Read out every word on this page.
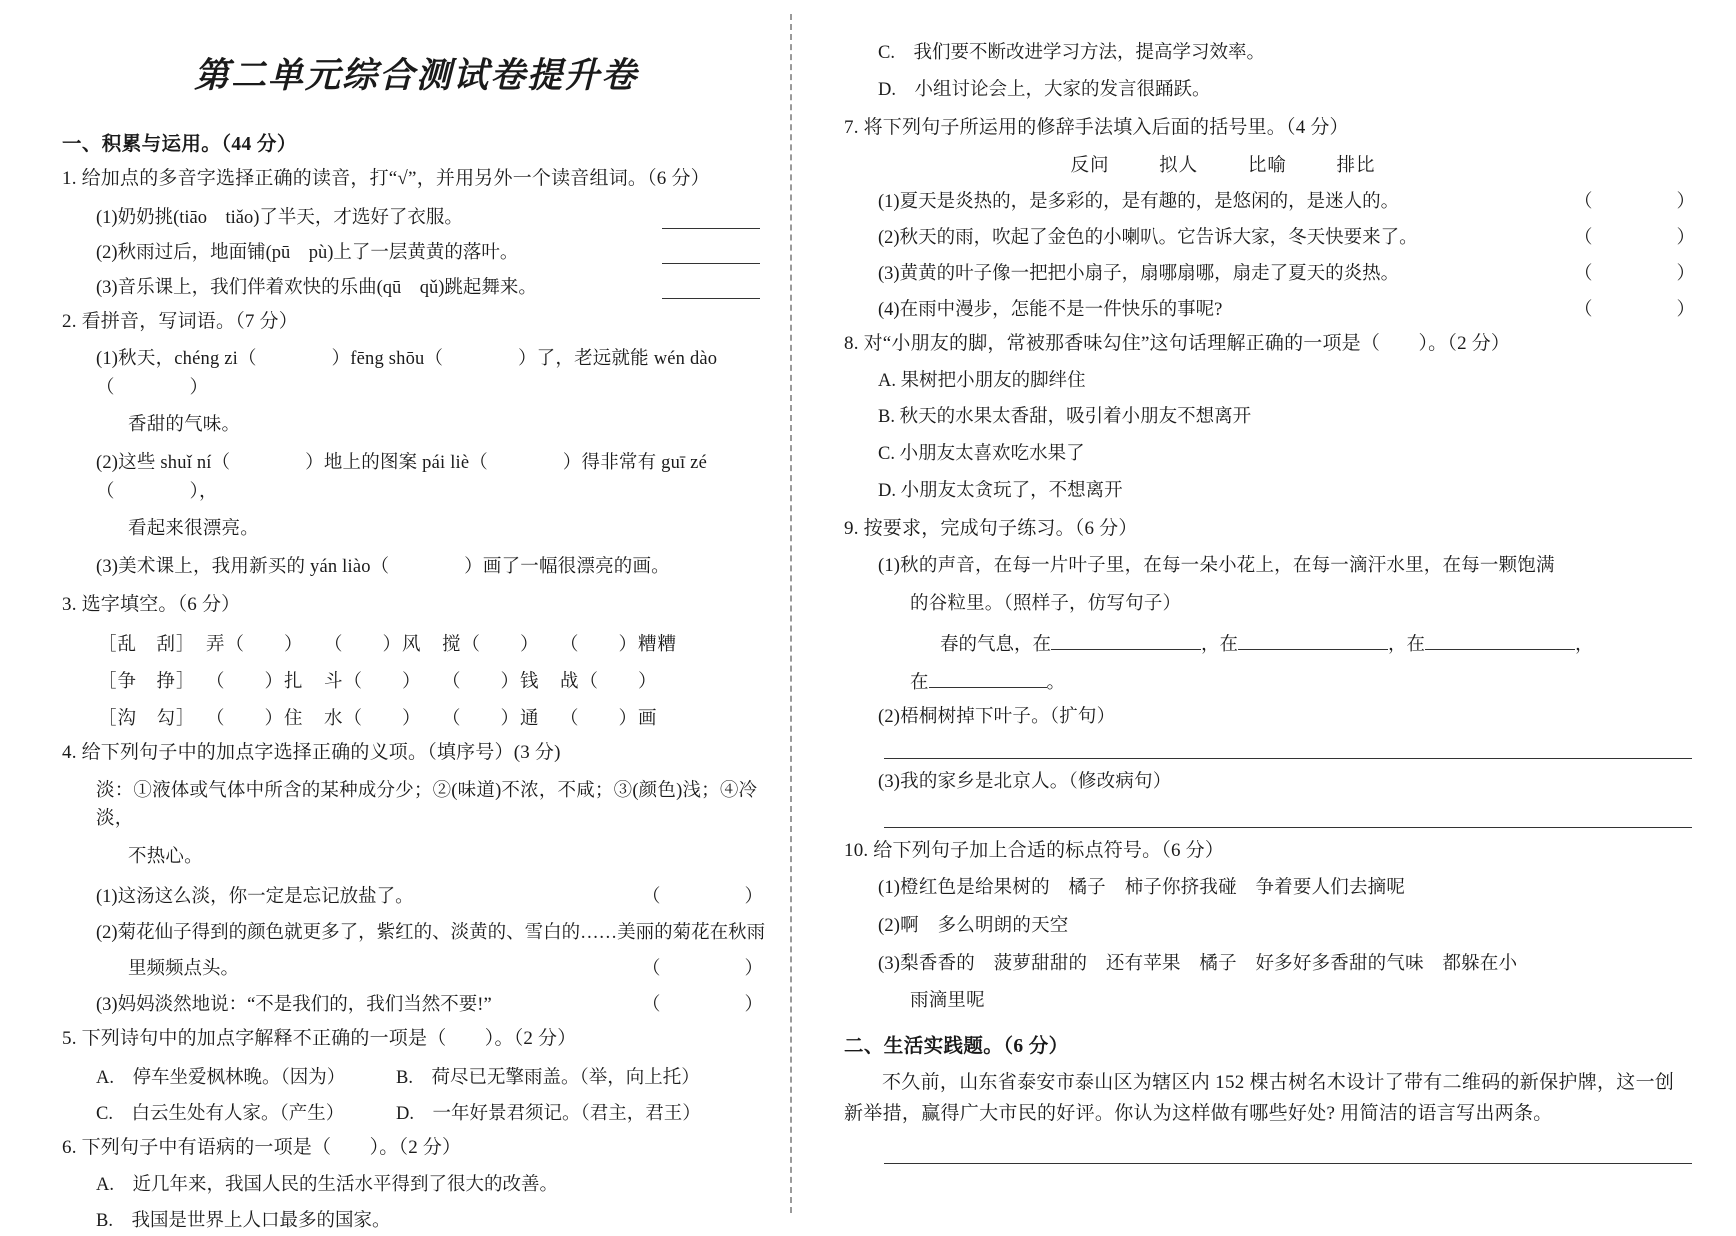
第二单元综合测试卷提升卷
一、积累与运用。（44 分）
1. 给加点的多音字选择正确的读音，打“√”，并用另外一个读音组词。（6 分）
(1)奶奶挑(tiāo　tiǎo)了半天，才选好了衣服。
(2)秋雨过后，地面铺(pū　pù)上了一层黄黄的落叶。
(3)音乐课上，我们伴着欢快的乐曲(qū　qǔ)跳起舞来。
2. 看拼音，写词语。（7 分）
(1)秋天，chéng zi（　　　　）fēng shōu（　　　　）了，老远就能 wén dào（　　　　）
香甜的气味。
(2)这些 shuǐ ní（　　　　）地上的图案 pái liè（　　　　）得非常有 guī zé（　　　　），
看起来很漂亮。
(3)美术课上，我用新买的 yán liào（　　　　）画了一幅很漂亮的画。
3. 选字填空。（6 分）
［乱　刮］ 弄（　　）	（　　）风	搅（　　）	（　　）糟糟
［争　挣］ （　　）扎	斗（　　）	（　　）钱	战（　　）
［沟　勾］ （　　）住	水（　　）	（　　）通	（　　）画
4. 给下列句子中的加点字选择正确的义项。（填序号）(3 分)
淡：①液体或气体中所含的某种成分少；②(味道)不浓，不咸；③(颜色)浅；④冷淡，
不热心。
(1)这汤这么淡，你一定是忘记放盐了。	（　　　　）
(2)菊花仙子得到的颜色就更多了，紫红的、淡黄的、雪白的……美丽的菊花在秋雨
里频频点头。	（　　　　）
(3)妈妈淡然地说：“不是我们的，我们当然不要!”	（　　　　）
5. 下列诗句中的加点字解释不正确的一项是（　　）。（2 分）
A.　停车坐爱枫林晚。（因为）	B.　荷尽已无擎雨盖。（举，向上托）
C.　白云生处有人家。（产生）	D.　一年好景君须记。（君主，君王）
6. 下列句子中有语病的一项是（　　）。（2 分）
A.　近几年来，我国人民的生活水平得到了很大的改善。
B.　我国是世界上人口最多的国家。
C.　我们要不断改进学习方法，提高学习效率。
D.　小组讨论会上，大家的发言很踊跃。
7. 将下列句子所运用的修辞手法填入后面的括号里。（4 分）
反问	拟人	比喻	排比
(1)夏天是炎热的，是多彩的，是有趣的，是悠闲的，是迷人的。	（　　　　）
(2)秋天的雨，吹起了金色的小喇叭。它告诉大家，冬天快要来了。	（　　　　）
(3)黄黄的叶子像一把把小扇子，扇哪扇哪，扇走了夏天的炎热。	（　　　　）
(4)在雨中漫步，怎能不是一件快乐的事呢?	（　　　　）
8. 对“小朋友的脚，常被那香味勾住”这句话理解正确的一项是（　　）。（2 分）
A. 果树把小朋友的脚绊住
B. 秋天的水果太香甜，吸引着小朋友不想离开
C. 小朋友太喜欢吃水果了
D. 小朋友太贪玩了，不想离开
9. 按要求，完成句子练习。（6 分）
(1)秋的声音，在每一片叶子里，在每一朵小花上，在每一滴汗水里，在每一颗饱满
的谷粒里。（照样子，仿写句子）
春的气息，在	，在	，在	，
在	。
(2)梧桐树掉下叶子。（扩句）
(3)我的家乡是北京人。（修改病句）
10. 给下列句子加上合适的标点符号。（6 分）
(1)橙红色是给果树的　橘子　柿子你挤我碰　争着要人们去摘呢
(2)啊　多么明朗的天空
(3)梨香香的　菠萝甜甜的　还有苹果　橘子　好多好多香甜的气味　都躲在小
雨滴里呢
二、生活实践题。（6 分）
不久前，山东省泰安市泰山区为辖区内 152 棵古树名木设计了带有二维码的新保护牌，这一创新举措，赢得广大市民的好评。你认为这样做有哪些好处? 用简洁的语言写出两条。
